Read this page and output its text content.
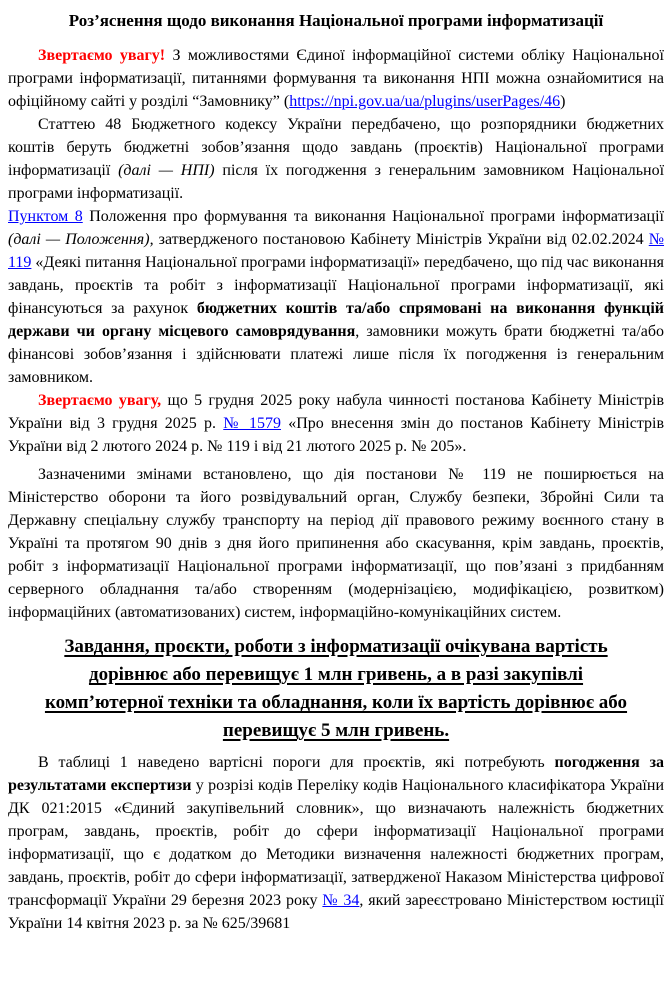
Роз’яснення щодо виконання Національної програми інформатизації

Звертаємо увагу! З можливостями Єдиної інформаційної системи обліку Національної програми інформатизації, питаннями формування та виконання НПІ можна ознайомитися на офіційному сайті у розділі “Замовнику” (https://npi.gov.ua/ua/plugins/userPages/46)

Статтею 48 Бюджетного кодексу України передбачено, що розпорядники бюджетних коштів беруть бюджетні зобов’язання щодо завдань (проєктів) Національної програми інформатизації (далі — НПІ) після їх погодження з генеральним замовником Національної програми інформатизації.

Пунктом 8 Положення про формування та виконання Національної програми інформатизації (далі — Положення), затвердженого постановою Кабінету Міністрів України від 02.02.2024 № 119 «Деякі питання Національної програми інформатизації» передбачено, що під час виконання завдань, проєктів та робіт з інформатизації Національної програми інформатизації, які фінансуються за рахунок бюджетних коштів та/або спрямовані на виконання функцій держави чи органу місцевого самоврядування, замовники можуть брати бюджетні та/або фінансові зобов’язання і здійснювати платежі лише після їх погодження із генеральним замовником.

Звертаємо увагу, що 5 грудня 2025 року набула чинності постанова Кабінету Міністрів України від 3 грудня 2025 р. № 1579 «Про внесення змін до постанов Кабінету Міністрів України від 2 лютого 2024 р. № 119 і від 21 лютого 2025 р. № 205».

Зазначеними змінами встановлено, що дія постанови № 119 не поширюється на Міністерство оборони та його розвідувальний орган, Службу безпеки, Збройні Сили та Державну спеціальну службу транспорту на період дії правового режиму воєнного стану в Україні та протягом 90 днів з дня його припинення або скасування, крім завдань, проєктів, робіт з інформатизації Національної програми інформатизації, що пов’язані з придбанням серверного обладнання та/або створенням (модернізацією, модифікацією, розвитком) інформаційних (автоматизованих) систем, інформаційно-комунікаційних систем.

Завдання, проєкти, роботи з інформатизації очікувана вартість дорівнює або перевищує 1 млн гривень, а в разі закупівлі комп’ютерної техніки та обладнання, коли їх вартість дорівнює або перевищує 5 млн гривень.

В таблиці 1 наведено вартісні пороги для проєктів, які потребують погодження за результатами експертизи у розрізі кодів Переліку кодів Національного класифікатора України ДК 021:2015 «Єдиний закупівельний словник», що визначають належність бюджетних програм, завдань, проєктів, робіт до сфери інформатизації Національної програми інформатизації, що є додатком до Методики визначення належності бюджетних програм, завдань, проєктів, робіт до сфери інформатизації, затвердженої Наказом Міністерства цифрової трансформації України 29 березня 2023 року № 34, який зареєстровано Міністерством юстиції України 14 квітня 2023 р. за № 625/39681
